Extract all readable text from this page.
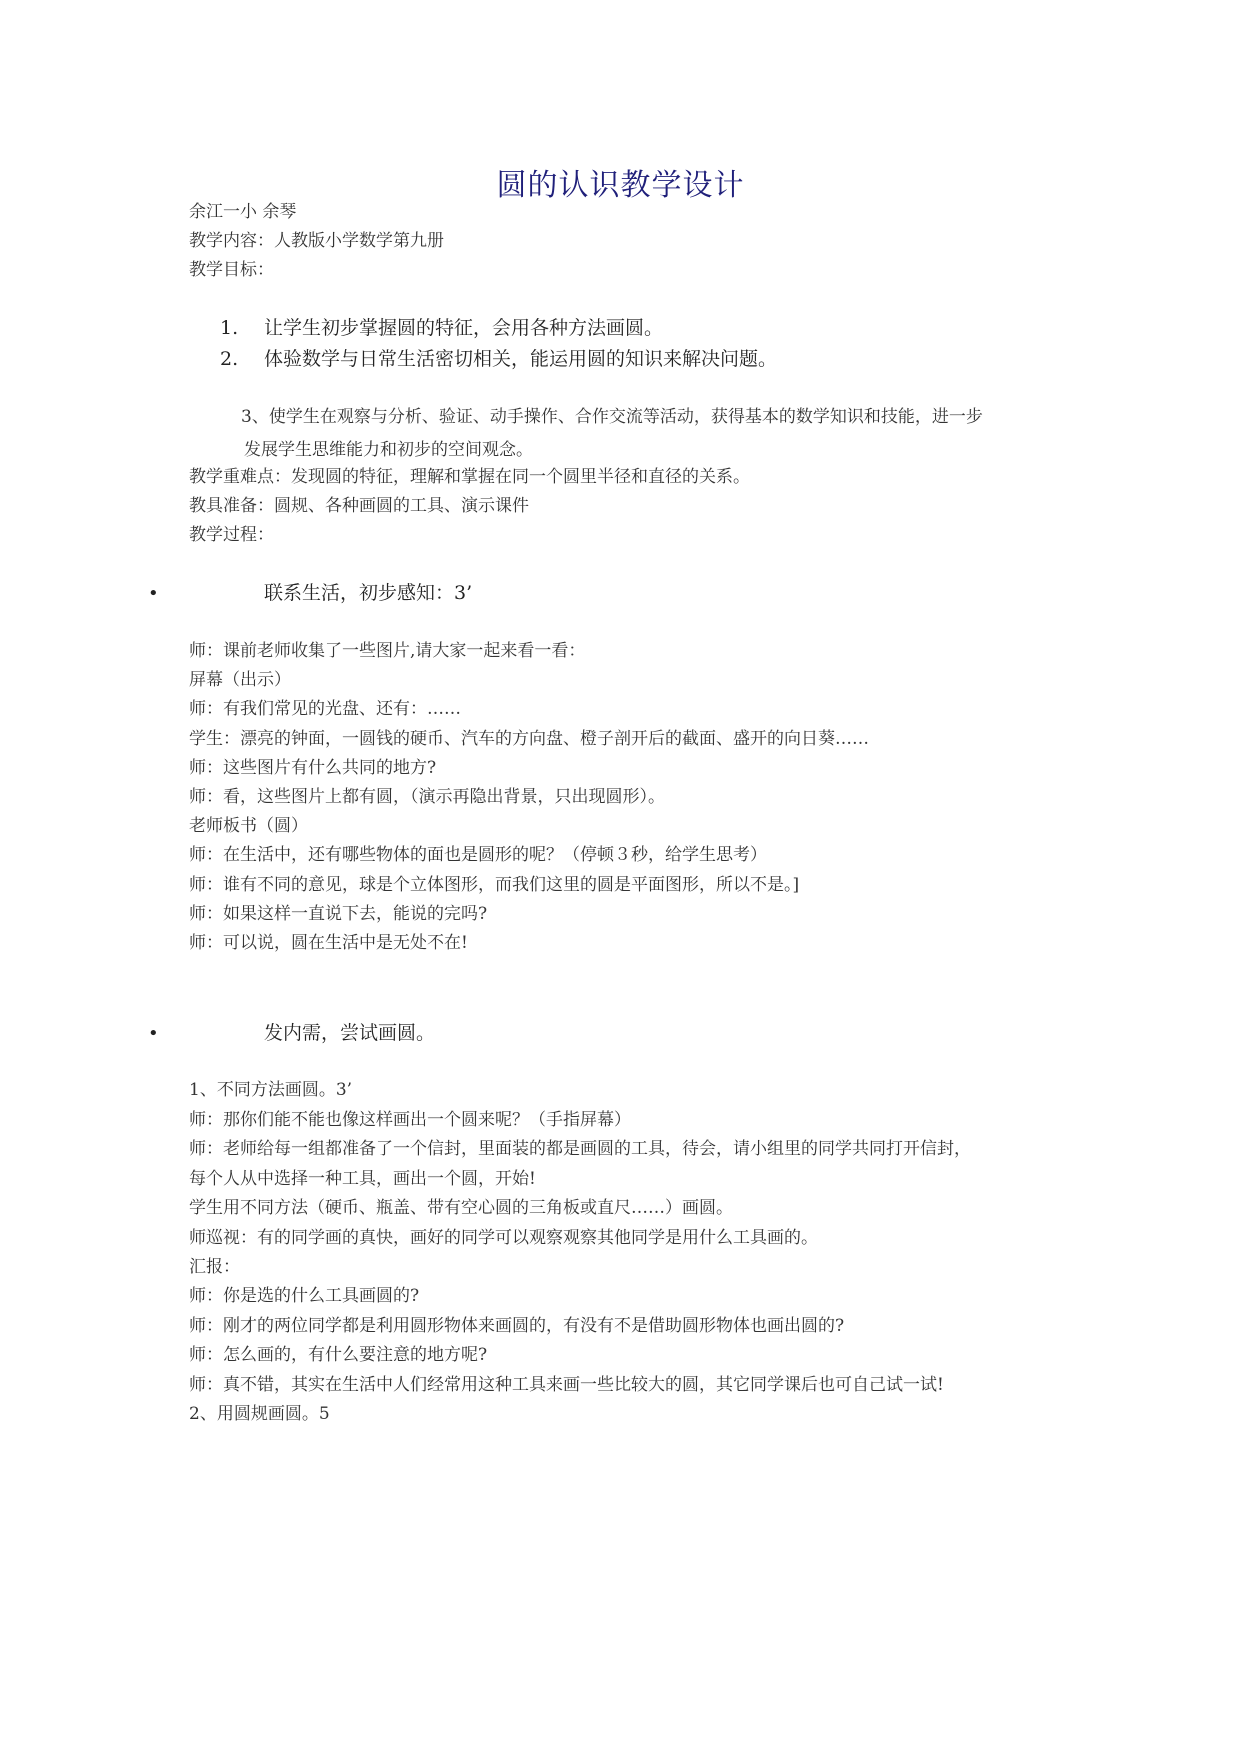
圆的认识教学设计
余江一小 余琴
教学内容：人教版小学数学第九册
教学目标：
1. 让学生初步掌握圆的特征，会用各种方法画圆。
2. 体验数学与日常生活密切相关，能运用圆的知识来解决问题。
3、使学生在观察与分析、验证、动手操作、合作交流等活动，获得基本的数学知识和技能，进一步
发展学生思维能力和初步的空间观念。
教学重难点：发现圆的特征，理解和掌握在同一个圆里半径和直径的关系。
教具准备：圆规、各种画圆的工具、演示课件
教学过程：
•	联系生活，初步感知：3’
师：课前老师收集了一些图片,请大家一起来看一看：
屏幕（出示）
师：有我们常见的光盘、还有：……
学生：漂亮的钟面，一圆钱的硬币、汽车的方向盘、橙子剖开后的截面、盛开的向日葵……
师：这些图片有什么共同的地方?
师：看，这些图片上都有圆，（演示再隐出背景，只出现圆形）。
老师板书（圆）
师：在生活中，还有哪些物体的面也是圆形的呢？（停顿３秒，给学生思考）
师：谁有不同的意见，球是个立体图形，而我们这里的圆是平面图形，所以不是。]
师：如果这样一直说下去，能说的完吗?
师：可以说，圆在生活中是无处不在!
•	发内需，尝试画圆。
1、不同方法画圆。3’
师：那你们能不能也像这样画出一个圆来呢？（手指屏幕）
师：老师给每一组都准备了一个信封，里面装的都是画圆的工具，待会，请小组里的同学共同打开信封，
每个人从中选择一种工具，画出一个圆，开始!
学生用不同方法（硬币、瓶盖、带有空心圆的三角板或直尺……）画圆。
师巡视：有的同学画的真快，画好的同学可以观察观察其他同学是用什么工具画的。
汇报：
师：你是选的什么工具画圆的?
师：刚才的两位同学都是利用圆形物体来画圆的，有没有不是借助圆形物体也画出圆的?
师：怎么画的，有什么要注意的地方呢?
师：真不错，其实在生活中人们经常用这种工具来画一些比较大的圆，其它同学课后也可自己试一试!
2、用圆规画圆。5
